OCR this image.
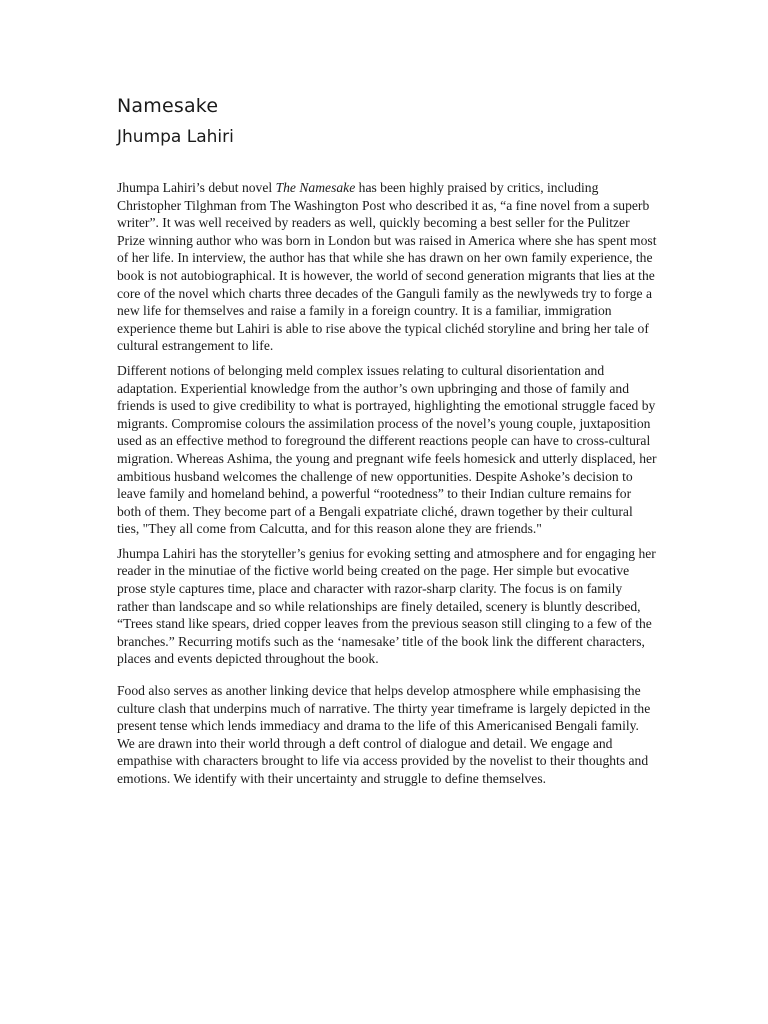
Namesake
Jhumpa Lahiri

Jhumpa Lahiri’s debut novel The Namesake has been highly praised by critics, including Christopher Tilghman from The Washington Post who described it as, “a fine novel from a superb writer”. It was well received by readers as well, quickly becoming a best seller for the Pulitzer Prize winning author who was born in London but was raised in America where she has spent most of her life. In interview, the author has that while she has drawn on her own family experience, the book is not autobiographical. It is however, the world of second generation migrants that lies at the core of the novel which charts three decades of the Ganguli family as the newlyweds try to forge a new life for themselves and raise a family in a foreign country. It is a familiar, immigration experience theme but Lahiri is able to rise above the typical clichéd storyline and bring her tale of cultural estrangement to life.

Different notions of belonging meld complex issues relating to cultural disorientation and adaptation. Experiential knowledge from the author’s own upbringing and those of family and friends is used to give credibility to what is portrayed, highlighting the emotional struggle faced by migrants. Compromise colours the assimilation process of the novel’s young couple, juxtaposition used as an effective method to foreground the different reactions people can have to cross-cultural migration. Whereas Ashima, the young and pregnant wife feels homesick and utterly displaced, her ambitious husband welcomes the challenge of new opportunities. Despite Ashoke’s decision to leave family and homeland behind, a powerful “rootedness” to their Indian culture remains for both of them. They become part of a Bengali expatriate cliché, drawn together by their cultural ties, "They all come from Calcutta, and for this reason alone they are friends."

Jhumpa Lahiri has the storyteller’s genius for evoking setting and atmosphere and for engaging her reader in the minutiae of the fictive world being created on the page. Her simple but evocative prose style captures time, place and character with razor-sharp clarity. The focus is on family rather than landscape and so while relationships are finely detailed, scenery is bluntly described, “Trees stand like spears, dried copper leaves from the previous season still clinging to a few of the branches.” Recurring motifs such as the ‘namesake’ title of the book link the different characters, places and events depicted throughout the book.

Food also serves as another linking device that helps develop atmosphere while emphasising the culture clash that underpins much of narrative. The thirty year timeframe is largely depicted in the present tense which lends immediacy and drama to the life of this Americanised Bengali family. We are drawn into their world through a deft control of dialogue and detail. We engage and empathise with characters brought to life via access provided by the novelist to their thoughts and emotions. We identify with their uncertainty and struggle to define themselves.
